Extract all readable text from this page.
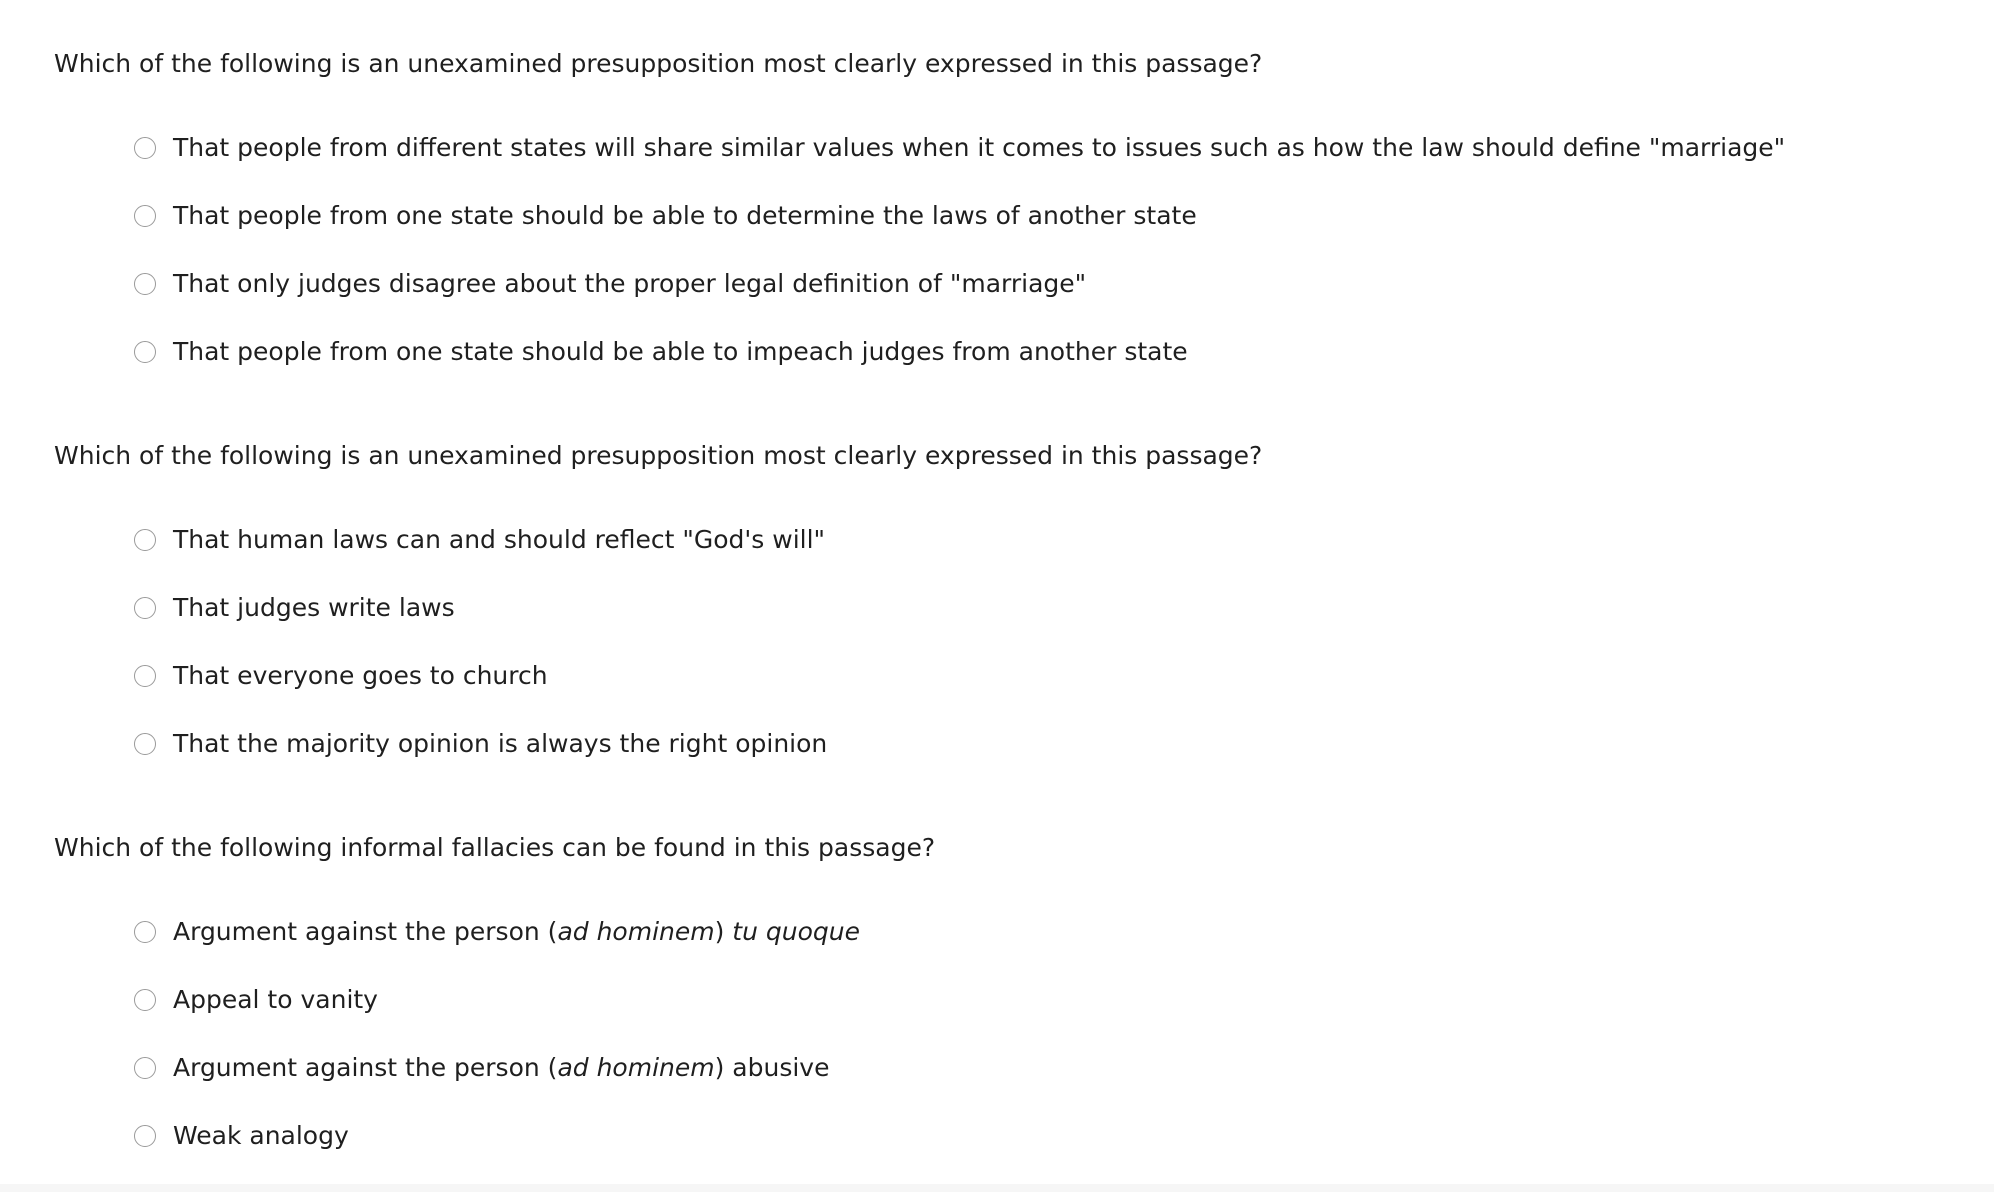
Which of the following is an unexamined presupposition most clearly expressed in this passage?
That people from different states will share similar values when it comes to issues such as how the law should define "marriage"
That people from one state should be able to determine the laws of another state
That only judges disagree about the proper legal definition of "marriage"
That people from one state should be able to impeach judges from another state
Which of the following is an unexamined presupposition most clearly expressed in this passage?
That human laws can and should reflect "God's will"
That judges write laws
That everyone goes to church
That the majority opinion is always the right opinion
Which of the following informal fallacies can be found in this passage?
Argument against the person (ad hominem) tu quoque
Appeal to vanity
Argument against the person (ad hominem) abusive
Weak analogy
